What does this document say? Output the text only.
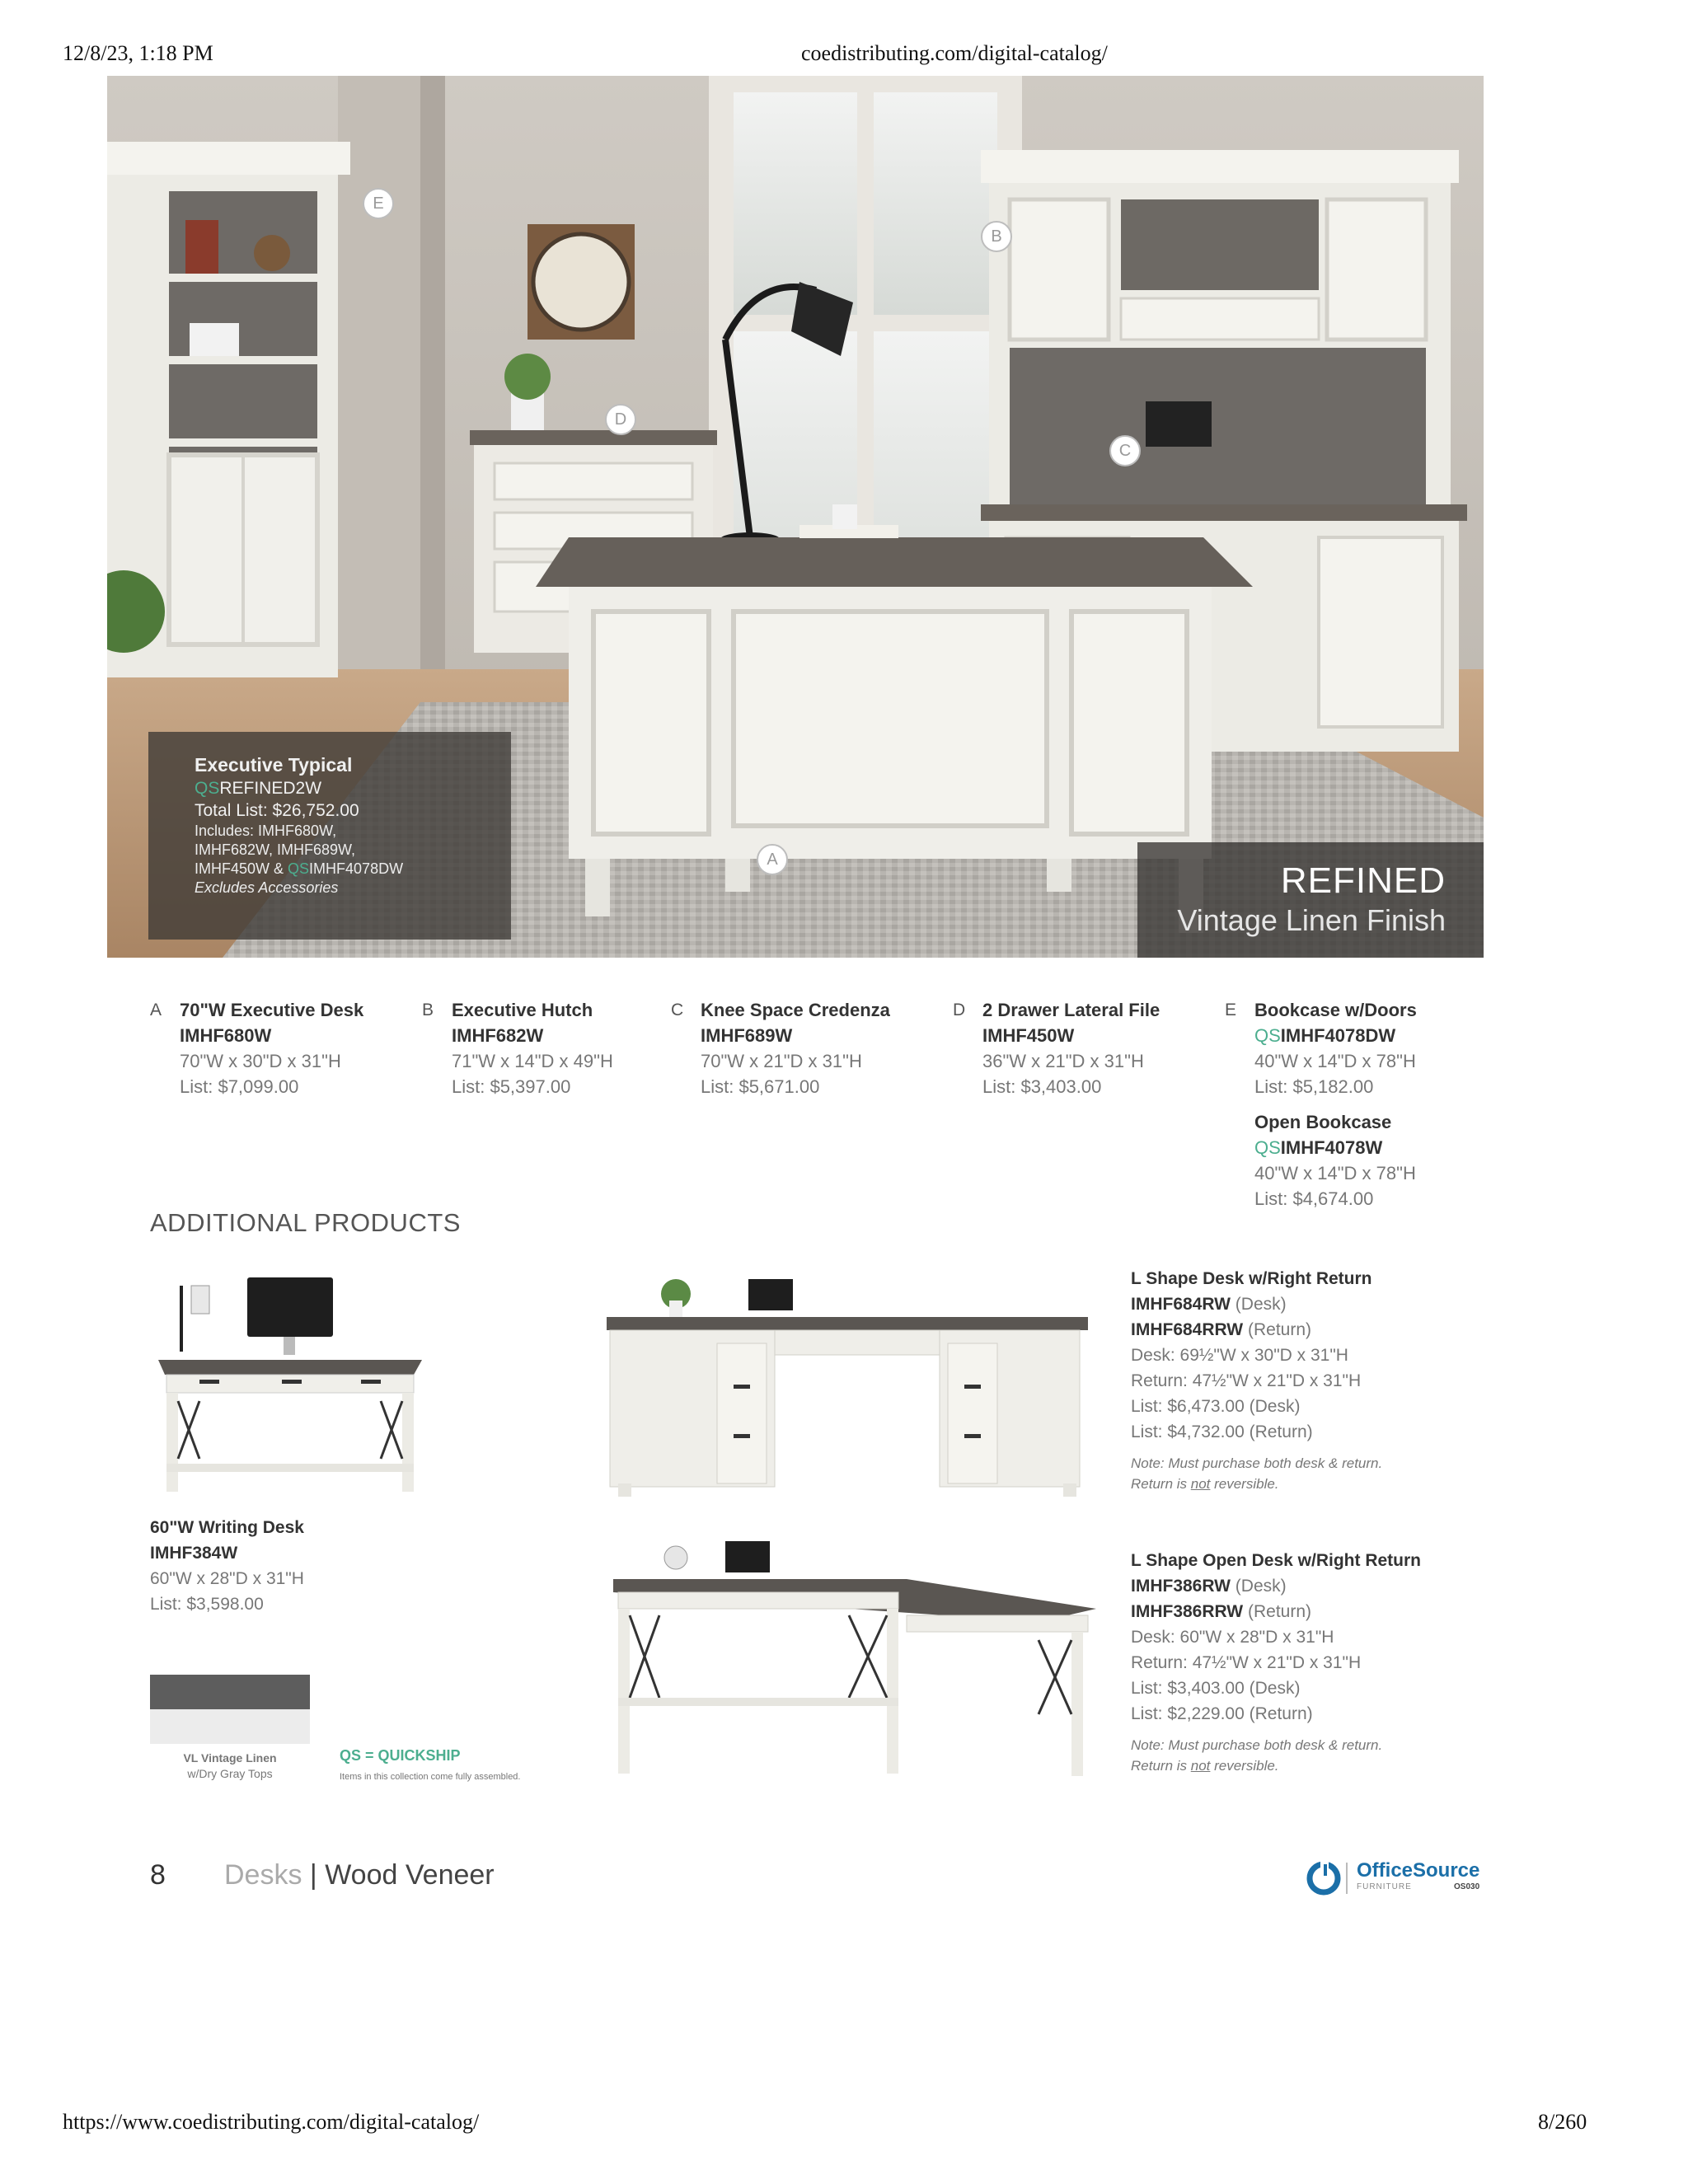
12/8/23, 1:18 PM	coedistributing.com/digital-catalog/
E
B
D
C
A
Executive Typical
QSREFINED2W
Total List: $26,752.00
Includes: IMHF680W,
IMHF682W, IMHF689W,
IMHF450W & QSIMHF4078DW
Excludes Accessories	REFINED
Vintage Linen Finish
A 70"W Executive Desk
IMHF680W
70"W x 30"D x 31"H
List: $7,099.00
B Executive Hutch
IMHF682W
71"W x 14"D x 49"H
List: $5,397.00
C Knee Space Credenza
IMHF689W
70"W x 21"D x 31"H
List: $5,671.00
D 2 Drawer Lateral File
IMHF450W
36"W x 21"D x 31"H
List: $3,403.00
E Bookcase w/Doors
QSIMHF4078DW
40"W x 14"D x 78"H
List: $5,182.00
Open Bookcase
QSIMHF4078W
40"W x 14"D x 78"H
List: $4,674.00
ADDITIONAL PRODUCTS
60"W Writing Desk
IMHF384W
60"W x 28"D x 31"H
List: $3,598.00
L Shape Desk w/Right Return
IMHF684RW (Desk)
IMHF684RRW (Return)
Desk: 69½"W x 30"D x 31"H
Return: 47½"W x 21"D x 31"H
List: $6,473.00 (Desk)
List: $4,732.00 (Return)
Note: Must purchase both desk & return.
Return is not reversible.
L Shape Open Desk w/Right Return
IMHF386RW (Desk)
IMHF386RRW (Return)
Desk: 60"W x 28"D x 31"H
Return: 47½"W x 21"D x 31"H
List: $3,403.00 (Desk)
List: $2,229.00 (Return)
Note: Must purchase both desk & return.
Return is not reversible.
VL Vintage Linen
w/Dry Gray Tops
QS = QUICKSHIP
Items in this collection come fully assembled.
8 Desks | Wood Veneer	OfficeSource
FURNITURE	OS030
https://www.coedistributing.com/digital-catalog/	8/260
